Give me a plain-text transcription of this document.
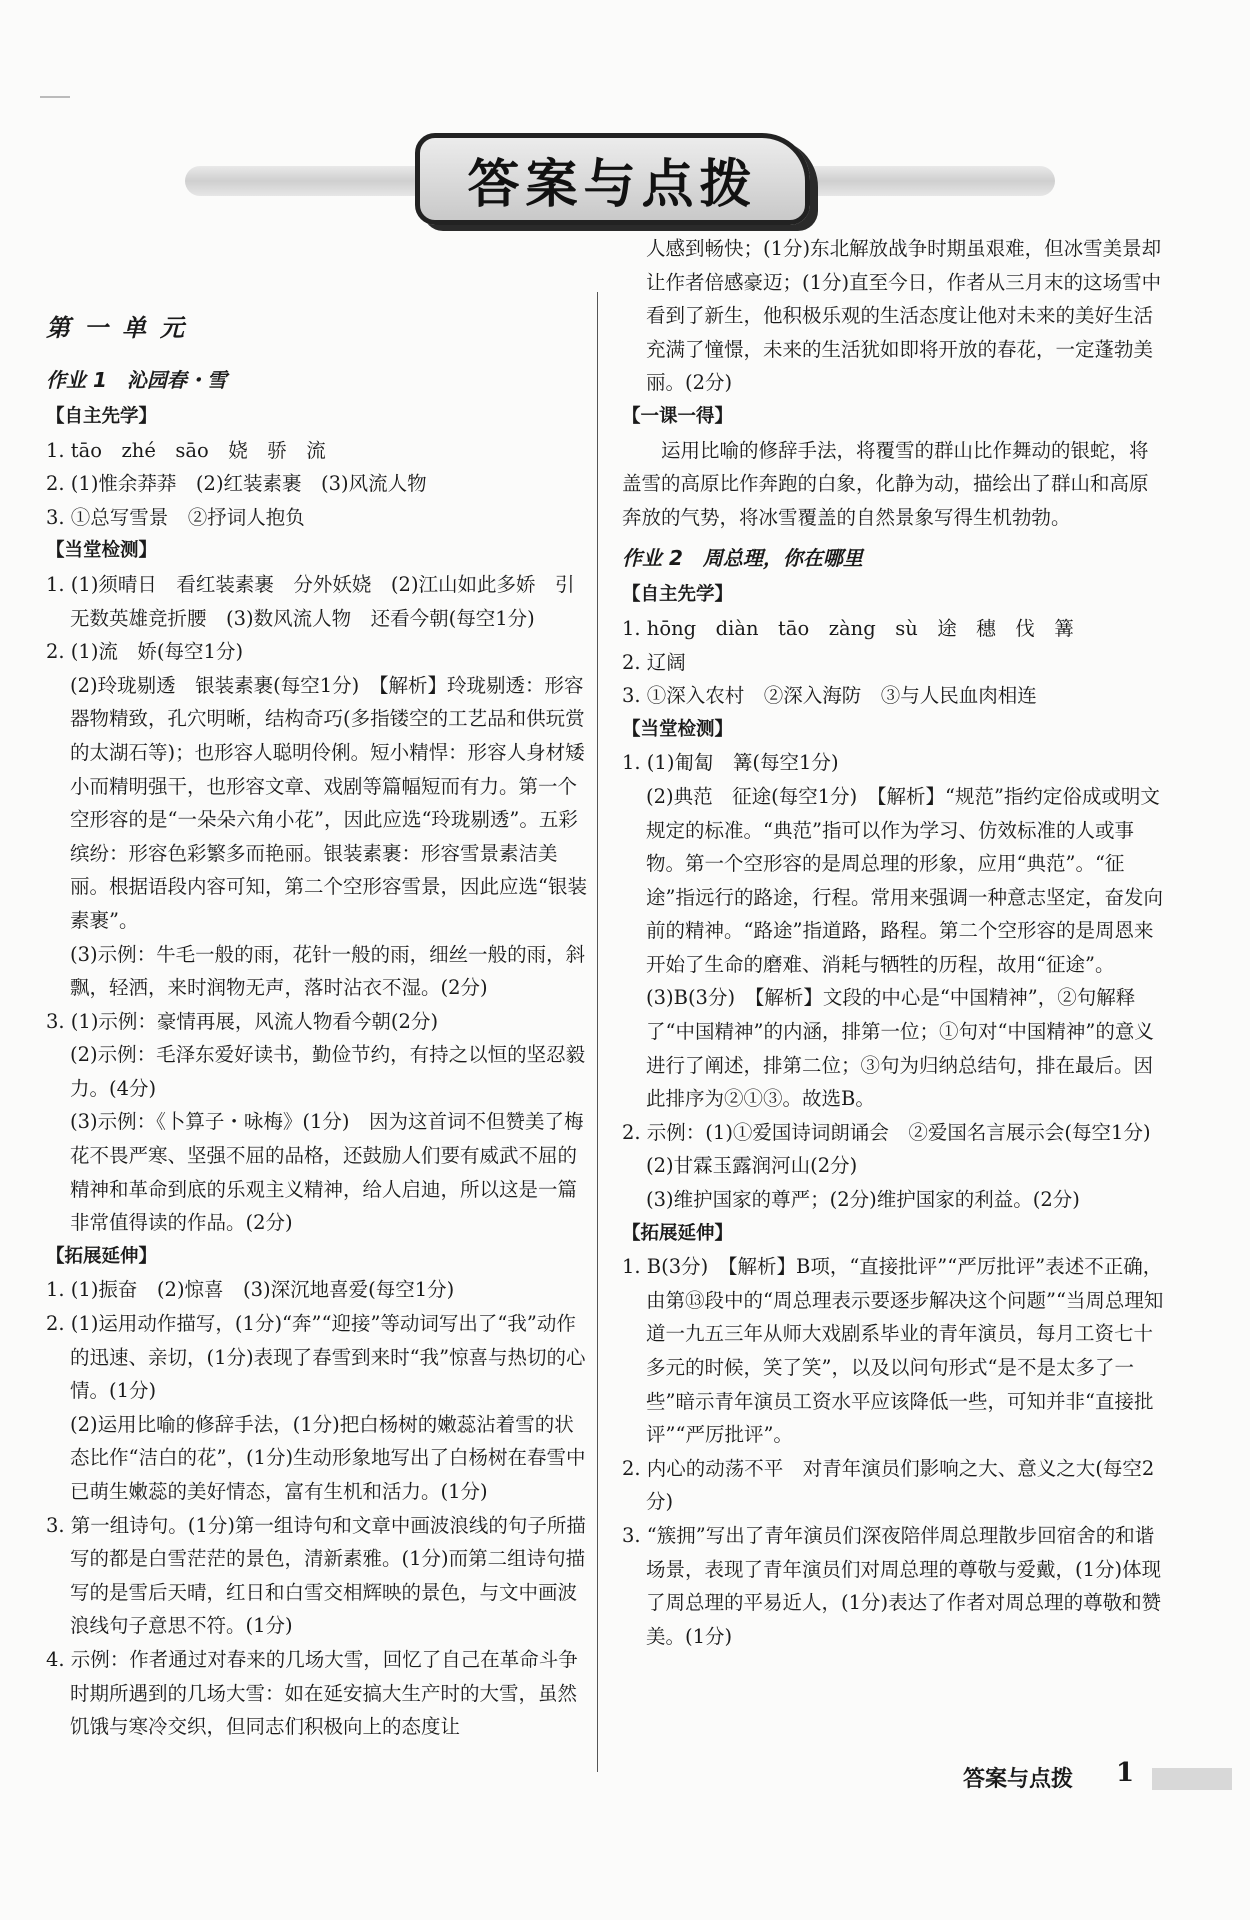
答案与点拨
第一单元
作业 1　沁园春・雪
【自主先学】

1. tāo　zhé　sāo　娆　骄　流

2. (1)惟余莽莽　(2)红装素裹　(3)风流人物

3. ①总写雪景　②抒词人抱负

【当堂检测】

1. (1)须晴日　看红装素裹　分外妖娆　(2)江山如此多娇　引无数英雄竞折腰　(3)数风流人物　还看今朝(每空1分)

2. (1)流　娇(每空1分)

(2)玲珑剔透　银装素裹(每空1分)　【解析】玲珑剔透：形容器物精致，孔穴明晰，结构奇巧(多指镂空的工艺品和供玩赏的太湖石等)；也形容人聪明伶俐。短小精悍：形容人身材矮小而精明强干，也形容文章、戏剧等篇幅短而有力。第一个空形容的是“一朵朵六角小花”，因此应选“玲珑剔透”。五彩缤纷：形容色彩繁多而艳丽。银装素裹：形容雪景素洁美丽。根据语段内容可知，第二个空形容雪景，因此应选“银装素裹”。

(3)示例：牛毛一般的雨，花针一般的雨，细丝一般的雨，斜飘，轻洒，来时润物无声，落时沾衣不湿。(2分)

3. (1)示例：豪情再展，风流人物看今朝(2分)

(2)示例：毛泽东爱好读书，勤俭节约，有持之以恒的坚忍毅力。(4分)

(3)示例：《卜算子・咏梅》(1分)　因为这首词不但赞美了梅花不畏严寒、坚强不屈的品格，还鼓励人们要有威武不屈的精神和革命到底的乐观主义精神，给人启迪，所以这是一篇非常值得读的作品。(2分)

【拓展延伸】

1. (1)振奋　(2)惊喜　(3)深沉地喜爱(每空1分)

2. (1)运用动作描写，(1分)“奔”“迎接”等动词写出了“我”动作的迅速、亲切，(1分)表现了春雪到来时“我”惊喜与热切的心情。(1分)

(2)运用比喻的修辞手法，(1分)把白杨树的嫩蕊沾着雪的状态比作“洁白的花”，(1分)生动形象地写出了白杨树在春雪中已萌生嫩蕊的美好情态，富有生机和活力。(1分)

3. 第一组诗句。(1分)第一组诗句和文章中画波浪线的句子所描写的都是白雪茫茫的景色，清新素雅。(1分)而第二组诗句描写的是雪后天晴，红日和白雪交相辉映的景色，与文中画波浪线句子意思不符。(1分)

4. 示例：作者通过对春来的几场大雪，回忆了自己在革命斗争时期所遇到的几场大雪：如在延安搞大生产时的大雪，虽然饥饿与寒冷交织，但同志们积极向上的态度让

人感到畅快；(1分)东北解放战争时期虽艰难，但冰雪美景却让作者倍感豪迈；(1分)直至今日，作者从三月末的这场雪中看到了新生，他积极乐观的生活态度让他对未来的美好生活充满了憧憬，未来的生活犹如即将开放的春花，一定蓬勃美丽。(2分)

【一课一得】

运用比喻的修辞手法，将覆雪的群山比作舞动的银蛇，将盖雪的高原比作奔跑的白象，化静为动，描绘出了群山和高原奔放的气势，将冰雪覆盖的自然景象写得生机勃勃。

作业 2　周总理，你在哪里
【自主先学】

1. hōng　diàn　tāo　zàng　sù　途　穗　伐　篝

2. 辽阔

3. ①深入农村　②深入海防　③与人民血肉相连

【当堂检测】

1. (1)匍匐　篝(每空1分)

(2)典范　征途(每空1分)　【解析】“规范”指约定俗成或明文规定的标准。“典范”指可以作为学习、仿效标准的人或事物。第一个空形容的是周总理的形象，应用“典范”。“征途”指远行的路途，行程。常用来强调一种意志坚定，奋发向前的精神。“路途”指道路，路程。第二个空形容的是周恩来开始了生命的磨难、消耗与牺牲的历程，故用“征途”。

(3)B(3分)　【解析】文段的中心是“中国精神”，②句解释了“中国精神”的内涵，排第一位；①句对“中国精神”的意义进行了阐述，排第二位；③句为归纳总结句，排在最后。因此排序为②①③。故选B。

2. 示例：(1)①爱国诗词朗诵会　②爱国名言展示会(每空1分)

(2)甘霖玉露润河山(2分)

(3)维护国家的尊严；(2分)维护国家的利益。(2分)

【拓展延伸】

1. B(3分)　【解析】B项，“直接批评”“严厉批评”表述不正确，由第⑬段中的“周总理表示要逐步解决这个问题”“当周总理知道一九五三年从师大戏剧系毕业的青年演员，每月工资七十多元的时候，笑了笑”，以及以问句形式“是不是太多了一些”暗示青年演员工资水平应该降低一些，可知并非“直接批评”“严厉批评”。

2. 内心的动荡不平　对青年演员们影响之大、意义之大(每空2分)

3. “簇拥”写出了青年演员们深夜陪伴周总理散步回宿舍的和谐场景，表现了青年演员们对周总理的尊敬与爱戴，(1分)体现了周总理的平易近人，(1分)表达了作者对周总理的尊敬和赞美。(1分)

答案与点拨 1
